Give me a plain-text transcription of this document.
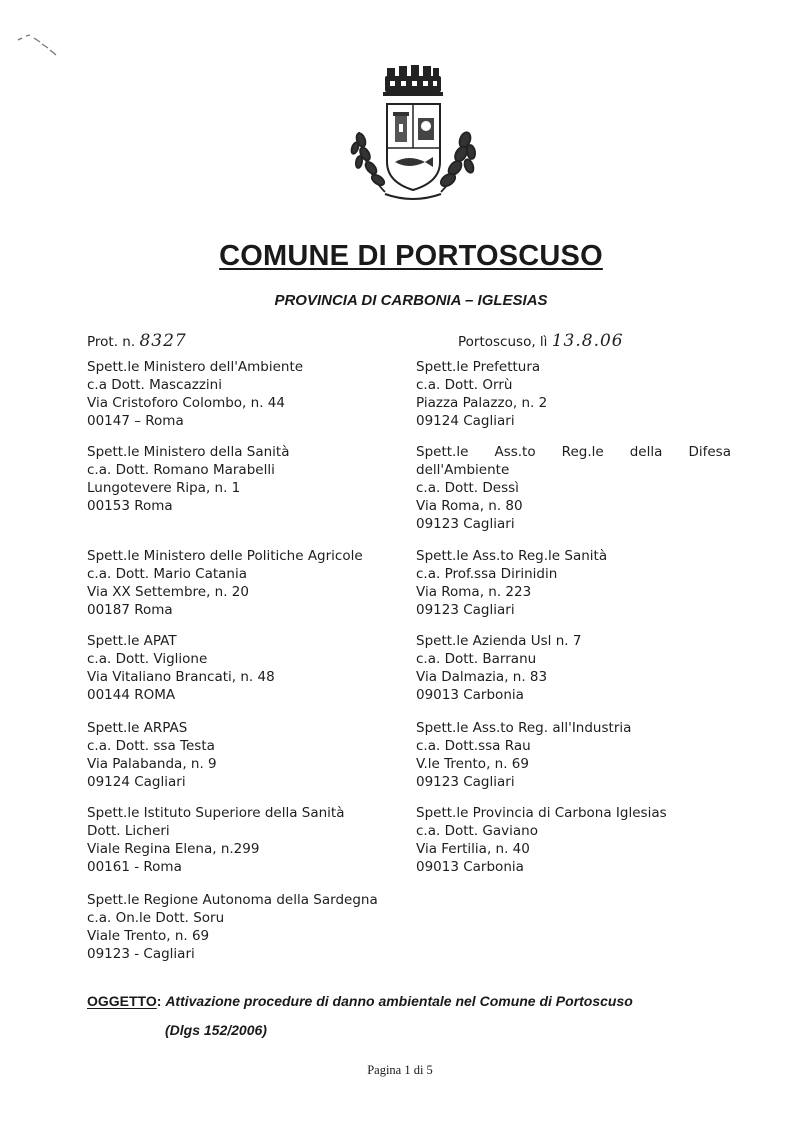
COMUNE DI PORTOSCUSO
PROVINCIA DI CARBONIA – IGLESIAS
Prot. n. 8327	Portoscuso, lì 13.8.06
Spett.le Ministero dell'Ambiente
c.a Dott. Mascazzini
Via Cristoforo Colombo, n. 44
00147 – Roma
Spett.le Ministero della Sanità
c.a. Dott. Romano Marabelli
Lungotevere Ripa, n. 1
00153 Roma
Spett.le Ministero delle Politiche Agricole
c.a. Dott. Mario Catania
Via XX Settembre, n. 20
00187 Roma
Spett.le APAT
c.a. Dott. Viglione
Via Vitaliano Brancati, n. 48
00144 ROMA
Spett.le ARPAS
c.a. Dott. ssa Testa
Via Palabanda, n. 9
09124 Cagliari
Spett.le Istituto Superiore della Sanità
Dott. Licheri
Viale Regina Elena, n.299
00161 - Roma
Spett.le Regione Autonoma della Sardegna
c.a. On.le Dott. Soru
Viale Trento, n. 69
09123 - Cagliari
Spett.le Prefettura
c.a. Dott. Orrù
Piazza Palazzo, n. 2
09124 Cagliari
Spett.le Ass.to Reg.le della Difesa
dell'Ambiente
c.a. Dott. Dessì
Via Roma, n. 80
09123 Cagliari
Spett.le Ass.to Reg.le Sanità
c.a. Prof.ssa Dirinidin
Via Roma, n. 223
09123 Cagliari
Spett.le Azienda Usl n. 7
c.a. Dott. Barranu
Via Dalmazia, n. 83
09013 Carbonia
Spett.le Ass.to Reg. all'Industria
c.a. Dott.ssa Rau
V.le Trento, n. 69
09123 Cagliari
Spett.le Provincia di Carbona Iglesias
c.a. Dott. Gaviano
Via Fertilia, n. 40
09013 Carbonia
OGGETTO: Attivazione procedure di danno ambientale nel Comune di Portoscuso
(Dlgs 152/2006)
Pagina 1 di 5
